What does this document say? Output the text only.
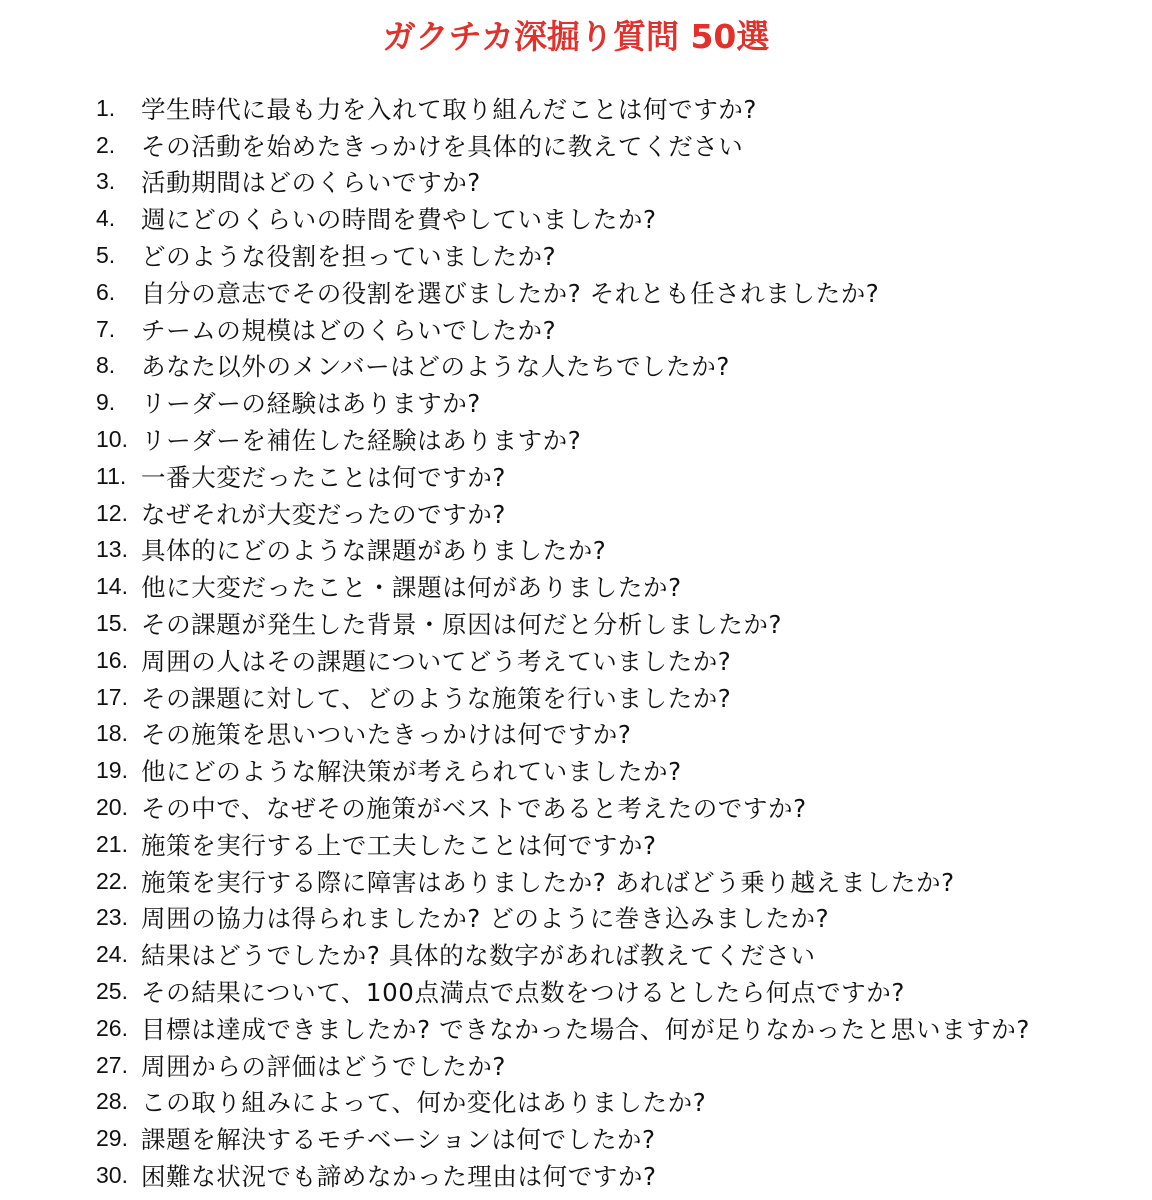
ガクチカ深掘り質問 50選
1.	学生時代に最も力を入れて取り組んだことは何ですか?
2.	その活動を始めたきっかけを具体的に教えてください
3.	活動期間はどのくらいですか?
4.	週にどのくらいの時間を費やしていましたか?
5.	どのような役割を担っていましたか?
6.	自分の意志でその役割を選びましたか? それとも任されましたか?
7.	チームの規模はどのくらいでしたか?
8.	あなた以外のメンバーはどのような人たちでしたか?
9.	リーダーの経験はありますか?
10. リーダーを補佐した経験はありますか?
11. 一番大変だったことは何ですか?
12. なぜそれが大変だったのですか?
13. 具体的にどのような課題がありましたか?
14. 他に大変だったこと・課題は何がありましたか?
15. その課題が発生した背景・原因は何だと分析しましたか?
16. 周囲の人はその課題についてどう考えていましたか?
17. その課題に対して、どのような施策を行いましたか?
18. その施策を思いついたきっかけは何ですか?
19. 他にどのような解決策が考えられていましたか?
20. その中で、なぜその施策がベストであると考えたのですか?
21. 施策を実行する上で工夫したことは何ですか?
22. 施策を実行する際に障害はありましたか? あればどう乗り越えましたか?
23. 周囲の協力は得られましたか? どのように巻き込みましたか?
24. 結果はどうでしたか? 具体的な数字があれば教えてください
25. その結果について、100点満点で点数をつけるとしたら何点ですか?
26. 目標は達成できましたか? できなかった場合、何が足りなかったと思いますか?
27. 周囲からの評価はどうでしたか?
28. この取り組みによって、何か変化はありましたか?
29. 課題を解決するモチベーションは何でしたか?
30. 困難な状況でも諦めなかった理由は何ですか?
